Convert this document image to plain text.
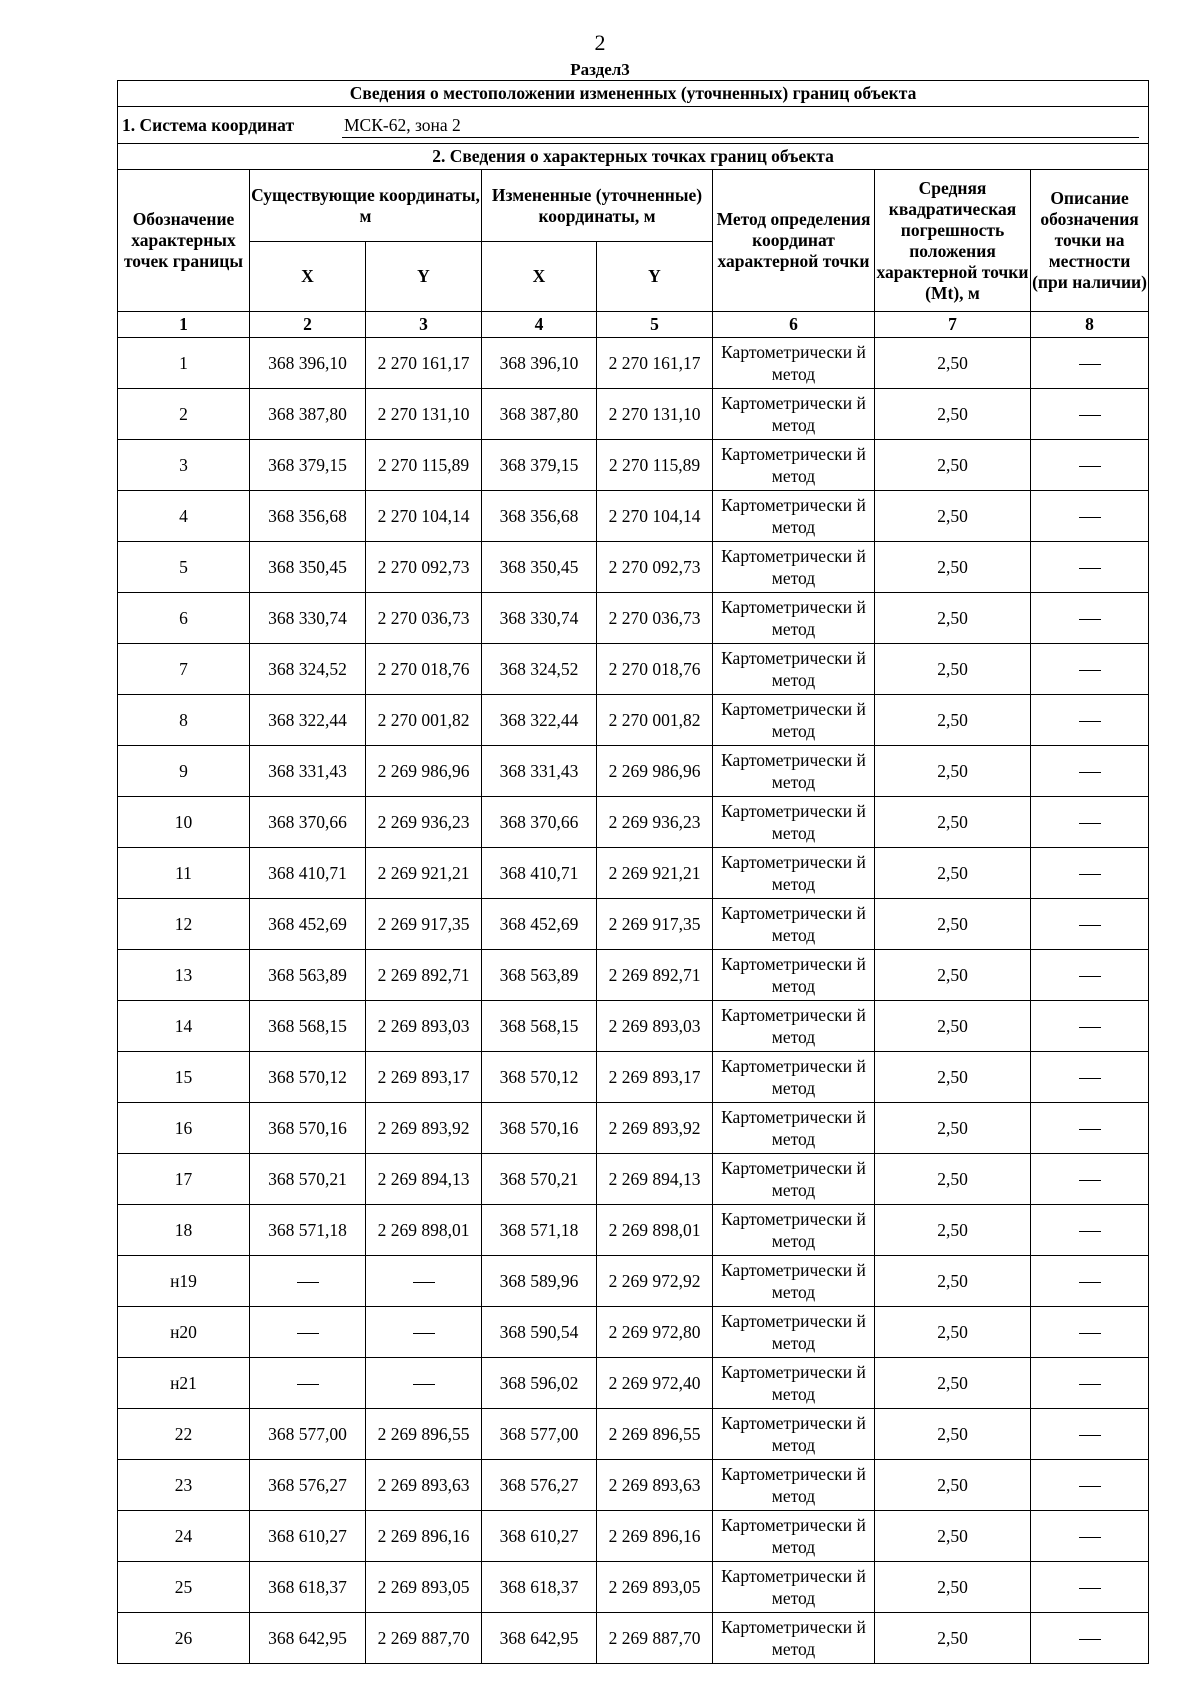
2
Раздел3
Сведения о местоположении измененных (уточненных) границ объекта							
1. Система координат МСК-62, зона 2							
2. Сведения о характерных точках границ объекта							
Обозначение характерных точек границы	Существующие координаты, м		Измененные (уточненные) координаты, м		Метод определения координат характерной точки	Средняя квадратическая погрешность положения характерной точки (Mt), м	Описание обозначения точки на местности (при наличии)
	X	Y	X	Y			
1	2	3	4	5	6	7	8
1	368 396,10	2 270 161,17	368 396,10	2 270 161,17	Картометрически й метод	2,50	
2	368 387,80	2 270 131,10	368 387,80	2 270 131,10	Картометрически й метод	2,50	
3	368 379,15	2 270 115,89	368 379,15	2 270 115,89	Картометрически й метод	2,50	
4	368 356,68	2 270 104,14	368 356,68	2 270 104,14	Картометрически й метод	2,50	
5	368 350,45	2 270 092,73	368 350,45	2 270 092,73	Картометрически й метод	2,50	
6	368 330,74	2 270 036,73	368 330,74	2 270 036,73	Картометрически й метод	2,50	
7	368 324,52	2 270 018,76	368 324,52	2 270 018,76	Картометрически й метод	2,50	
8	368 322,44	2 270 001,82	368 322,44	2 270 001,82	Картометрически й метод	2,50	
9	368 331,43	2 269 986,96	368 331,43	2 269 986,96	Картометрически й метод	2,50	
10	368 370,66	2 269 936,23	368 370,66	2 269 936,23	Картометрически й метод	2,50	
11	368 410,71	2 269 921,21	368 410,71	2 269 921,21	Картометрически й метод	2,50	
12	368 452,69	2 269 917,35	368 452,69	2 269 917,35	Картометрически й метод	2,50	
13	368 563,89	2 269 892,71	368 563,89	2 269 892,71	Картометрически й метод	2,50	
14	368 568,15	2 269 893,03	368 568,15	2 269 893,03	Картометрически й метод	2,50	
15	368 570,12	2 269 893,17	368 570,12	2 269 893,17	Картометрически й метод	2,50	
16	368 570,16	2 269 893,92	368 570,16	2 269 893,92	Картометрически й метод	2,50	
17	368 570,21	2 269 894,13	368 570,21	2 269 894,13	Картометрически й метод	2,50	
18	368 571,18	2 269 898,01	368 571,18	2 269 898,01	Картометрически й метод	2,50	
н19			368 589,96	2 269 972,92	Картометрически й метод	2,50	
н20			368 590,54	2 269 972,80	Картометрически й метод	2,50	
н21			368 596,02	2 269 972,40	Картометрически й метод	2,50	
22	368 577,00	2 269 896,55	368 577,00	2 269 896,55	Картометрически й метод	2,50	
23	368 576,27	2 269 893,63	368 576,27	2 269 893,63	Картометрически й метод	2,50	
24	368 610,27	2 269 896,16	368 610,27	2 269 896,16	Картометрически й метод	2,50	
25	368 618,37	2 269 893,05	368 618,37	2 269 893,05	Картометрически й метод	2,50	
26	368 642,95	2 269 887,70	368 642,95	2 269 887,70	Картометрически й метод	2,50	
